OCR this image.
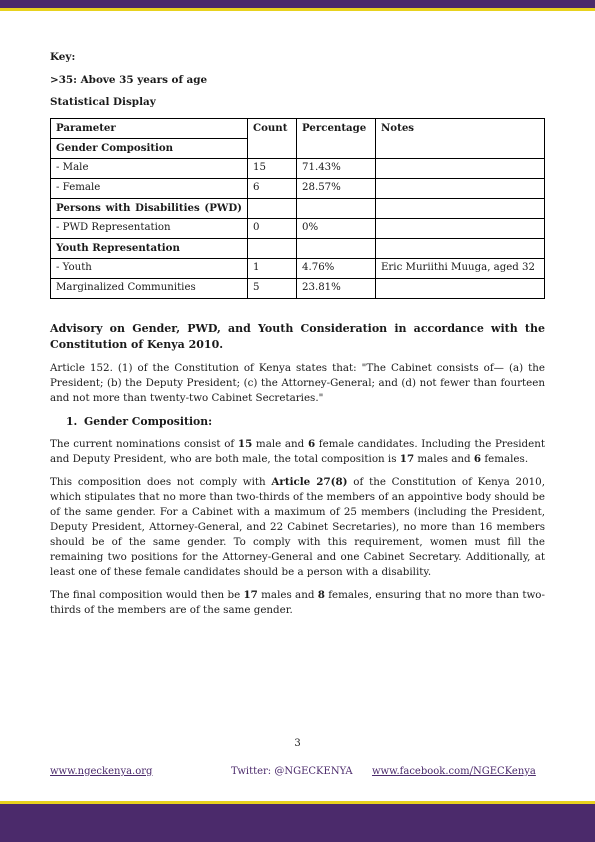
Key:
>35: Above 35 years of age
Statistical Display
Parameter	Count	Percentage	Notes
Gender Composition			
- Male	15	71.43%	
- Female	6	28.57%	

Persons with Disabilities (PWD)			

- PWD Representation	0	0%	
Youth Representation			
- Youth	1	4.76%	Eric Muriithi Muuga, aged 32
Marginalized Communities	5	23.81%	
Advisory on Gender, PWD, and Youth Consideration in accordance with the Constitution of Kenya 2010.

Article 152. (1) of the Constitution of Kenya states that: "The Cabinet consists of— (a) the President; (b) the Deputy President; (c) the Attorney-General; and (d) not fewer than fourteen and not more than twenty-two Cabinet Secretaries."

1. Gender Composition:

The current nominations consist of 15 male and 6 female candidates. Including the President and Deputy President, who are both male, the total composition is 17 males and 6 females.

This composition does not comply with Article 27(8) of the Constitution of Kenya 2010, which stipulates that no more than two-thirds of the members of an appointive body should be of the same gender. For a Cabinet with a maximum of 25 members (including the President, Deputy President, Attorney-General, and 22 Cabinet Secretaries), no more than 16 members should be of the same gender. To comply with this requirement, women must fill the remaining two positions for the Attorney-General and one Cabinet Secretary. Additionally, at least one of these female candidates should be a person with a disability.

The final composition would then be 17 males and 8 females, ensuring that no more than two-thirds of the members are of the same gender.

3
www.ngeckenya.org	Twitter: @NGECKENYA www.facebook.com/NGECKenya
